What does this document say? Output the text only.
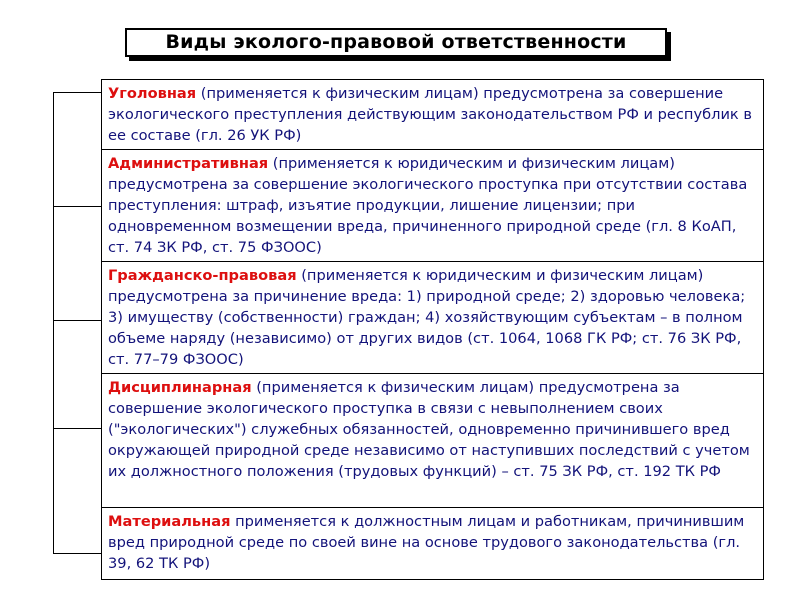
Виды эколого-правовой ответственности
Уголовная (применяется к физическим лицам) предусмотрена за совершение экологического преступления действующим законодательством РФ и республик в ее составе (гл. 26 УК РФ)
Административная (применяется к юридическим и физическим лицам) предусмотрена за совершение экологического проступка при отсутствии состава преступления: штраф, изъятие продукции, лишение лицензии; при одновременном возмещении вреда, причиненного природной среде (гл. 8 КоАП, ст. 74 ЗК РФ, ст. 75 ФЗООС)
Гражданско-правовая (применяется к юридическим и физическим лицам) предусмотрена за причинение вреда: 1) природной среде; 2) здоровью человека; 3) имуществу (собственности) граждан; 4) хозяйствующим субъектам – в полном объеме наряду (независимо) от других видов (ст. 1064, 1068 ГК РФ; ст. 76 ЗК РФ, ст. 77–79 ФЗООС)
Дисциплинарная (применяется к физическим лицам) предусмотрена за совершение экологического проступка в связи с невыполнением своих ("экологических") служебных обязанностей, одновременно причинившего вред окружающей природной среде независимо от наступивших последствий с учетом их должностного положения (трудовых функций) – ст. 75 ЗК РФ, ст. 192 ТК РФ
Материальная применяется к должностным лицам и работникам, причинившим вред природной среде по своей вине на основе трудового законодательства (гл. 39, 62 ТК РФ)
